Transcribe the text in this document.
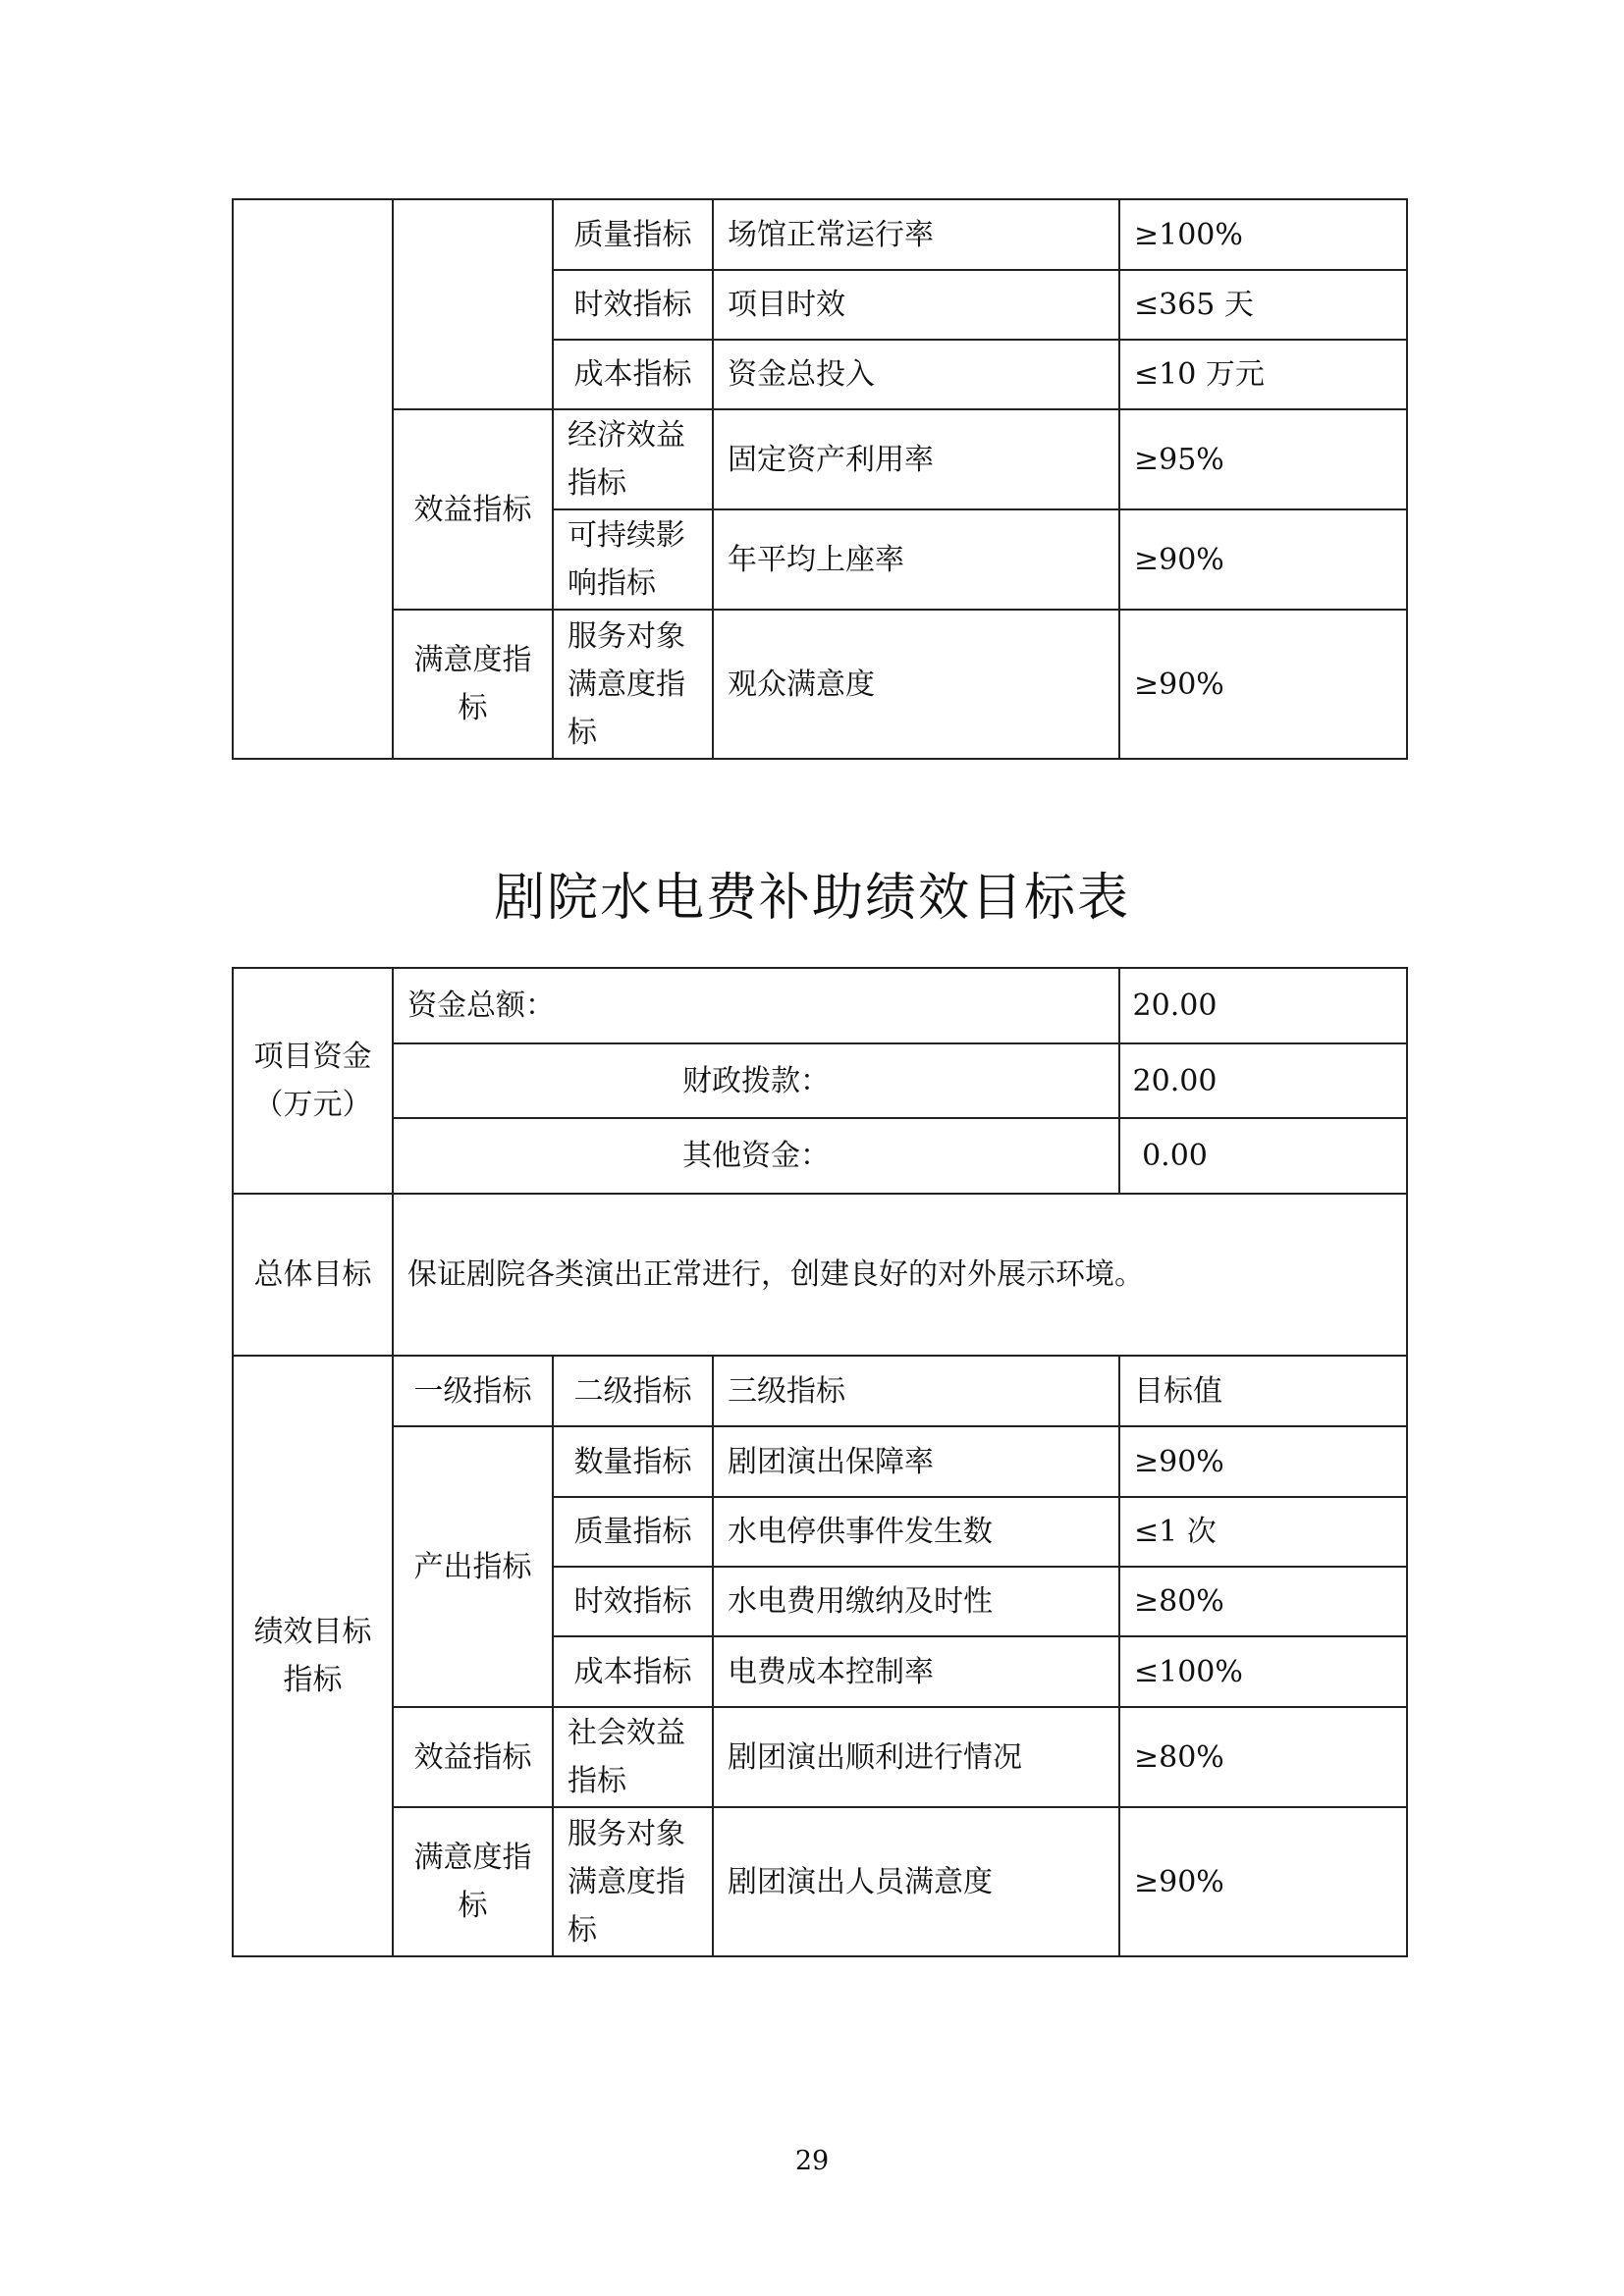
		质量指标	场馆正常运行率	≥100%
		时效指标	项目时效	≤365 天
		成本指标	资金总投入	≤10 万元
	效益指标	经济效益指标	固定资产利用率	≥95%
		可持续影响指标	年平均上座率	≥90%
	满意度指标	服务对象满意度指标	观众满意度	≥90%
剧院水电费补助绩效目标表
项目资金（万元）	资金总额：			20.00
	财政拨款：			20.00
	其他资金：			0.00
总体目标	保证剧院各类演出正常进行，创建良好的对外展示环境。			
绩效目标指标	一级指标	二级指标	三级指标	目标值
	产出指标	数量指标	剧团演出保障率	≥90%
		质量指标	水电停供事件发生数	≤1 次
		时效指标	水电费用缴纳及时性	≥80%
		成本指标	电费成本控制率	≤100%
	效益指标	社会效益指标	剧团演出顺利进行情况	≥80%
	满意度指标	服务对象满意度指标	剧团演出人员满意度	≥90%
29
